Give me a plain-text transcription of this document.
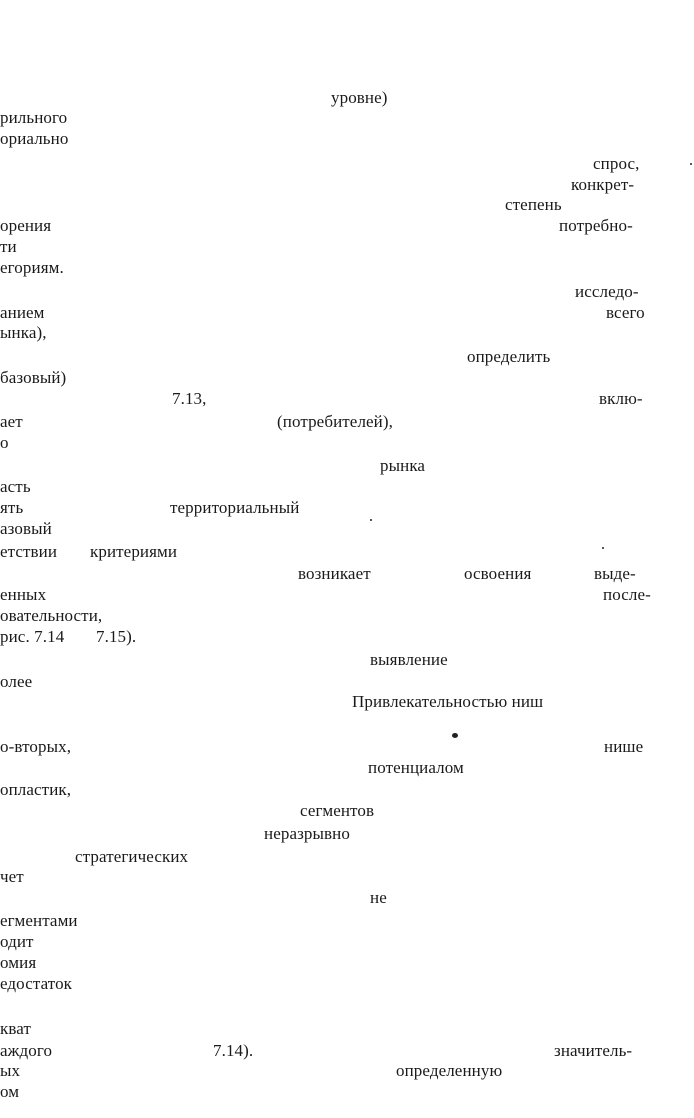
уровне)
рильного
ориально
спрос,
конкрет-
степень
орения	потребно-
ти
егориям.
исследо-
анием	всего
ынка),
определить
базовый)
7.13,	вклю-
ает	(потребителей),
о
рынка
асть
ять	территориальный
азовый
етствии критериями
возникает	освоения	выде-
енных	после-
овательности,
рис. 7.14 7.15).
выявление
олее
Привлекательностью ниш
о-вторых,	нише
потенциалом
опластик,
сегментов
неразрывно
стратегических
чет
не
егментами
одит
омия
едостаток
кват
аждого	7.14).	значитель-
ых	определенную
ом
